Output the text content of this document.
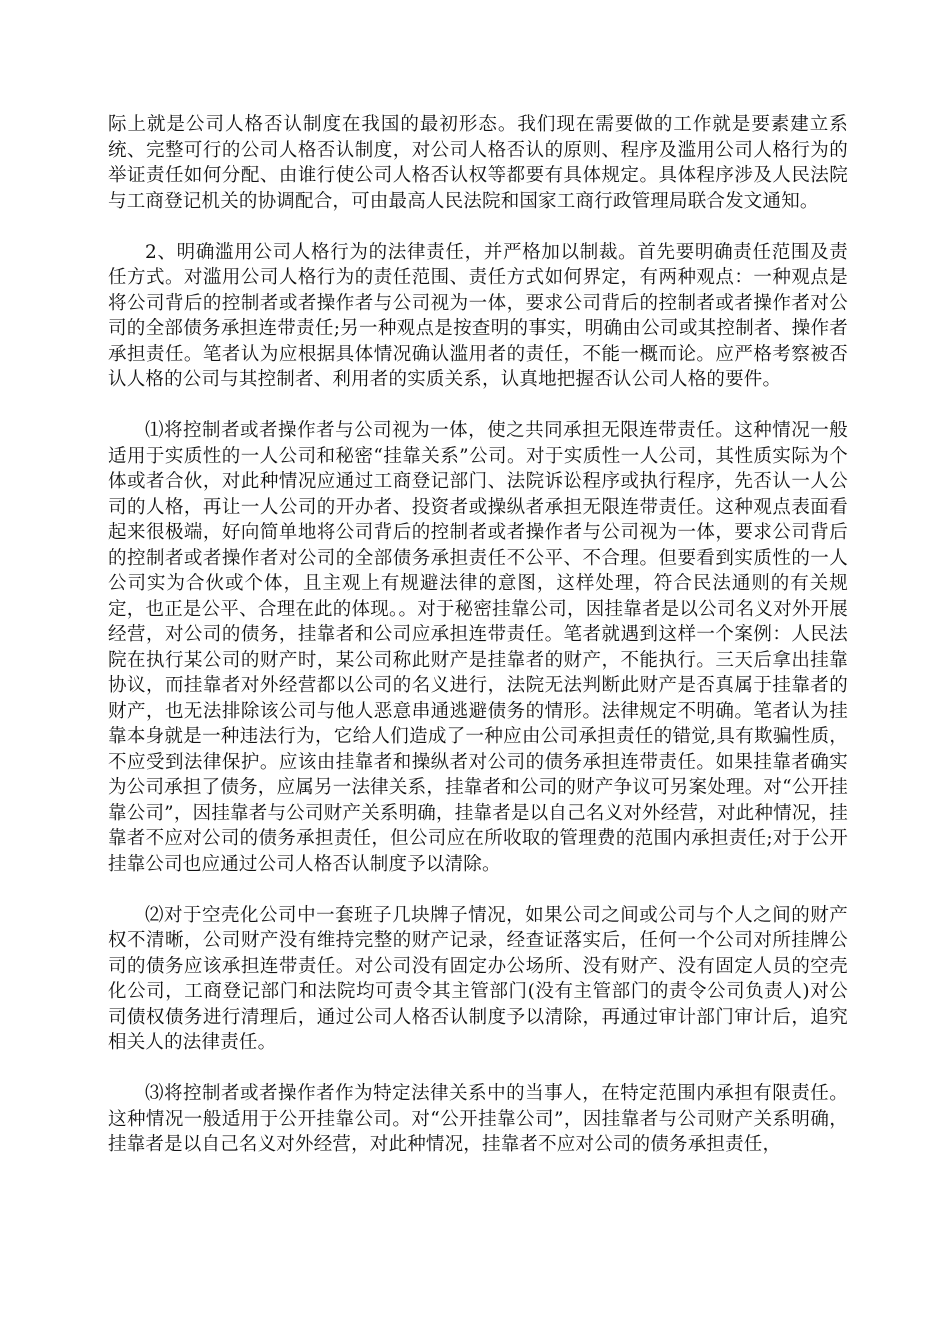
际上就是公司人格否认制度在我国的最初形态。我们现在需要做的工作就是要素建立系统、完整可行的公司人格否认制度，对公司人格否认的原则、程序及滥用公司人格行为的举证责任如何分配、由谁行使公司人格否认权等都要有具体规定。具体程序涉及人民法院与工商登记机关的协调配合，可由最高人民法院和国家工商行政管理局联合发文通知。

2、明确滥用公司人格行为的法律责任，并严格加以制裁。首先要明确责任范围及责任方式。对滥用公司人格行为的责任范围、责任方式如何界定，有两种观点：一种观点是将公司背后的控制者或者操作者与公司视为一体，要求公司背后的控制者或者操作者对公司的全部债务承担连带责任;另一种观点是按查明的事实，明确由公司或其控制者、操作者承担责任。笔者认为应根据具体情况确认滥用者的责任，不能一概而论。应严格考察被否认人格的公司与其控制者、利用者的实质关系，认真地把握否认公司人格的要件。

⑴将控制者或者操作者与公司视为一体，使之共同承担无限连带责任。这种情况一般适用于实质性的一人公司和秘密“挂靠关系”公司。对于实质性一人公司，其性质实际为个体或者合伙，对此种情况应通过工商登记部门、法院诉讼程序或执行程序，先否认一人公司的人格，再让一人公司的开办者、投资者或操纵者承担无限连带责任。这种观点表面看起来很极端，好向简单地将公司背后的控制者或者操作者与公司视为一体，要求公司背后的控制者或者操作者对公司的全部债务承担责任不公平、不合理。但要看到实质性的一人公司实为合伙或个体，且主观上有规避法律的意图，这样处理，符合民法通则的有关规定，也正是公平、合理在此的体现。。对于秘密挂靠公司，因挂靠者是以公司名义对外开展经营，对公司的债务，挂靠者和公司应承担连带责任。笔者就遇到这样一个案例：人民法院在执行某公司的财产时，某公司称此财产是挂靠者的财产，不能执行。三天后拿出挂靠协议，而挂靠者对外经营都以公司的名义进行，法院无法判断此财产是否真属于挂靠者的财产，也无法排除该公司与他人恶意串通逃避债务的情形。法律规定不明确。笔者认为挂靠本身就是一种违法行为，它给人们造成了一种应由公司承担责任的错觉,具有欺骗性质，不应受到法律保护。应该由挂靠者和操纵者对公司的债务承担连带责任。如果挂靠者确实为公司承担了债务，应属另一法律关系，挂靠者和公司的财产争议可另案处理。对“公开挂靠公司”，因挂靠者与公司财产关系明确，挂靠者是以自己名义对外经营，对此种情况，挂靠者不应对公司的债务承担责任，但公司应在所收取的管理费的范围内承担责任;对于公开挂靠公司也应通过公司人格否认制度予以清除。

⑵对于空壳化公司中一套班子几块牌子情况，如果公司之间或公司与个人之间的财产权不清晰，公司财产没有维持完整的财产记录，经查证落实后，任何一个公司对所挂牌公司的债务应该承担连带责任。对公司没有固定办公场所、没有财产、没有固定人员的空壳化公司，工商登记部门和法院均可责令其主管部门(没有主管部门的责令公司负责人)对公司债权债务进行清理后，通过公司人格否认制度予以清除，再通过审计部门审计后，追究相关人的法律责任。

⑶将控制者或者操作者作为特定法律关系中的当事人，在特定范围内承担有限责任。这种情况一般适用于公开挂靠公司。对“公开挂靠公司”，因挂靠者与公司财产关系明确，挂靠者是以自己名义对外经营，对此种情况，挂靠者不应对公司的债务承担责任，
